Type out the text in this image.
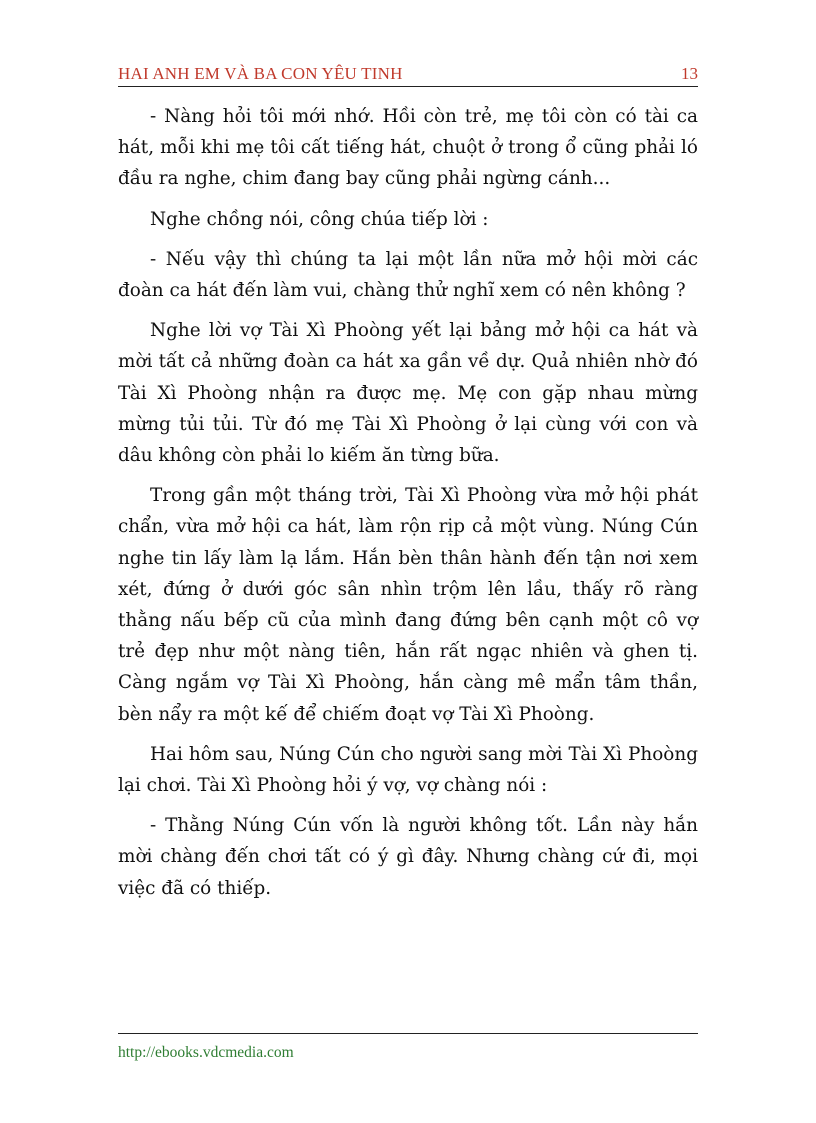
HAI ANH EM VÀ BA CON YÊU TINH	13

- Nàng hỏi tôi mới nhớ. Hồi còn trẻ, mẹ tôi còn có tài ca hát, mỗi khi mẹ tôi cất tiếng hát, chuột ở trong ổ cũng phải ló đầu ra nghe, chim đang bay cũng phải ngừng cánh...

Nghe chồng nói, công chúa tiếp lời :

- Nếu vậy thì chúng ta lại một lần nữa mở hội mời các đoàn ca hát đến làm vui, chàng thử nghĩ xem có nên không ?

Nghe lời vợ Tài Xì Phoòng yết lại bảng mở hội ca hát và mời tất cả những đoàn ca hát xa gần về dự. Quả nhiên nhờ đó Tài Xì Phoòng nhận ra được mẹ. Mẹ con gặp nhau mừng mừng tủi tủi. Từ đó mẹ Tài Xì Phoòng ở lại cùng với con và dâu không còn phải lo kiếm ăn từng bữa.

Trong gần một tháng trời, Tài Xì Phoòng vừa mở hội phát chẩn, vừa mở hội ca hát, làm rộn rịp cả một vùng. Núng Cún nghe tin lấy làm lạ lắm. Hắn bèn thân hành đến tận nơi xem xét, đứng ở dưới góc sân nhìn trộm lên lầu, thấy rõ ràng thằng nấu bếp cũ của mình đang đứng bên cạnh một cô vợ trẻ đẹp như một nàng tiên, hắn rất ngạc nhiên và ghen tị. Càng ngắm vợ Tài Xì Phoòng, hắn càng mê mẩn tâm thần, bèn nẩy ra một kế để chiếm đoạt vợ Tài Xì Phoòng.

Hai hôm sau, Núng Cún cho người sang mời Tài Xì Phoòng lại chơi. Tài Xì Phoòng hỏi ý vợ, vợ chàng nói :

- Thằng Núng Cún vốn là người không tốt. Lần này hắn mời chàng đến chơi tất có ý gì đây. Nhưng chàng cứ đi, mọi việc đã có thiếp.

http://ebooks.vdcmedia.com
